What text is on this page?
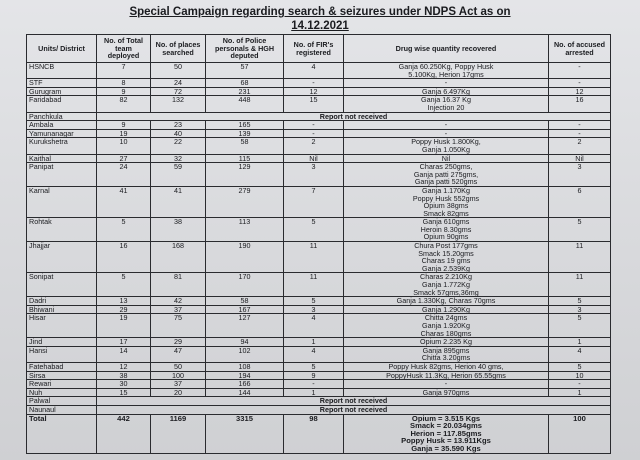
Special Campaign regarding search & seizures under NDPS Act as on
14.12.2021
Units/ District	No. of Total team deployed	No. of places searched	No. of Police personals & HGH deputed	No. of FIR's registered	Drug wise quantity recovered	No. of accused arrested
HSNCB	7	50	57	4	Ganja 60.250Kg, Poppy Husk
5.100Kg, Herion 17gms	-
STF	8	24	68	-	-	-
Gurugram	9	72	231	12	Ganja 6.497Kg	12
Faridabad	82	132	448	15	Ganja 16.37 Kg
Injection 20	16
Panchkula	Report not received					
Ambala	9	23	165	-	-	-
Yamunanagar	19	40	139	-	-	-
Kurukshetra	10	22	58	2	Poppy Husk 1.800Kg,
Ganja 1.050Kg	2
Kaithal	27	32	115	Nil	Nil	Nil
Panipat	24	59	129	3	Charas 250gms,
Ganja patti 275gms,
Ganja patti 520gms	3
Karnal	41	41	279	7	Ganja 1.170Kg
Poppy Husk 552gms
Opium 38gms
Smack 82gms	6
Rohtak	5	38	113	5	Ganja 610gms
Heroin 8.30gms
Opium 90gms	5
Jhajjar	16	168	190	11	Chura Post 177gms
Smack 15.20gms
Charas 19 gms
Ganja 2.539Kg	11
Sonipat	5	81	170	11	Charas 2.210Kg
Ganja 1.772Kg
Smack 57gms,36mg	11
Dadri	13	42	58	5	Ganja 1.330Kg, Charas 70gms	5
Bhiwani	29	37	167	3	Ganja 1.290Kg	3
Hisar	19	75	127	4	Chitta 24gms
Ganja 1.920Kg
Charas 180gms	5
Jind	17	29	94	1	Opium 2.235 Kg	1
Hansi	14	47	102	4	Ganja 895gms
Chitta 3.20gms	4
Fatehabad	12	50	108	5	Poppy Husk 82gms, Herion 40 gms,	5
Sirsa	38	100	194	9	PoppyHusk 11.3Kg, Herion 65.55gms	10
Rewari	30	37	166	-	-	-
Nuh	15	20	144	1	Ganja 970gms	1
Palwal	Report not received					
Naunaul	Report not received					
Total	442	1169	3315	98	Opium = 3.515 Kgs
Smack = 20.034gms
Herion = 117.85gms
Poppy Husk = 13.911Kgs
Ganja = 35.590 Kgs	100
